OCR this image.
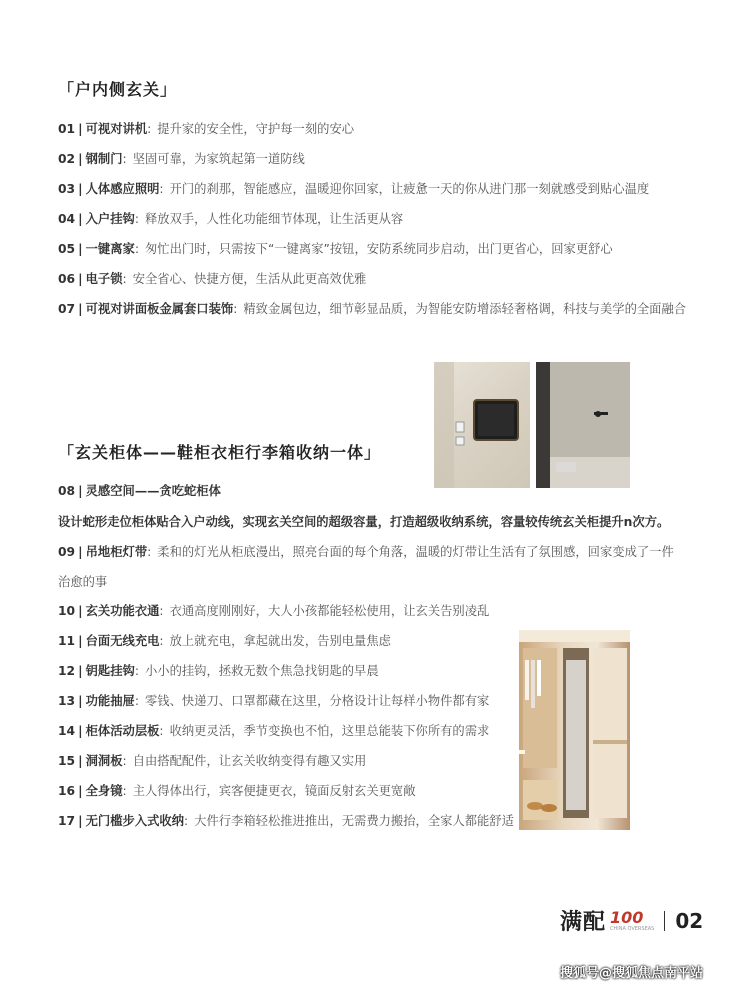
「户内侧玄关」
01 | 可视对讲机: 提升家的安全性，守护每一刻的安心
02 | 钢制门: 坚固可靠，为家筑起第一道防线
03 | 人体感应照明: 开门的刹那，智能感应，温暖迎你回家，让疲惫一天的你从进门那一刻就感受到贴心温度
04 | 入户挂钩: 释放双手，人性化功能细节体现，让生活更从容
05 | 一键离家: 匆忙出门时，只需按下“一键离家”按钮，安防系统同步启动，出门更省心，回家更舒心
06 | 电子锁: 安全省心、快捷方便，生活从此更高效优雅
07 | 可视对讲面板金属套口装饰: 精致金属包边，细节彰显品质，为智能安防增添轻奢格调，科技与美学的全面融合
「玄关柜体——鞋柜衣柜行李箱收纳一体」
08 | 灵感空间——贪吃蛇柜体
设计蛇形走位柜体贴合入户动线，实现玄关空间的超级容量，打造超级收纳系统，容量较传统玄关柜提升n次方。
09 | 吊地柜灯带: 柔和的灯光从柜底漫出，照亮台面的每个角落，温暖的灯带让生活有了氛围感，回家变成了一件治愈的事
10 | 玄关功能衣通: 衣通高度刚刚好，大人小孩都能轻松使用，让玄关告别凌乱
11 | 台面无线充电: 放上就充电，拿起就出发，告别电量焦虑
12 | 钥匙挂钩: 小小的挂钩，拯救无数个焦急找钥匙的早晨
13 | 功能抽屉: 零钱、快递刀、口罩都藏在这里，分格设计让每样小物件都有家
14 | 柜体活动层板: 收纳更灵活，季节变换也不怕，这里总能装下你所有的需求
15 | 洞洞板: 自由搭配配件，让玄关收纳变得有趣又实用
16 | 全身镜: 主人得体出行，宾客便捷更衣，镜面反射玄关更宽敞
17 | 无门槛步入式收纳: 大件行李箱轻松推进推出，无需费力搬抬，全家人都能舒适
满配 100
CHINA OVERSEAS 02
搜狐号@搜狐焦点南平站
